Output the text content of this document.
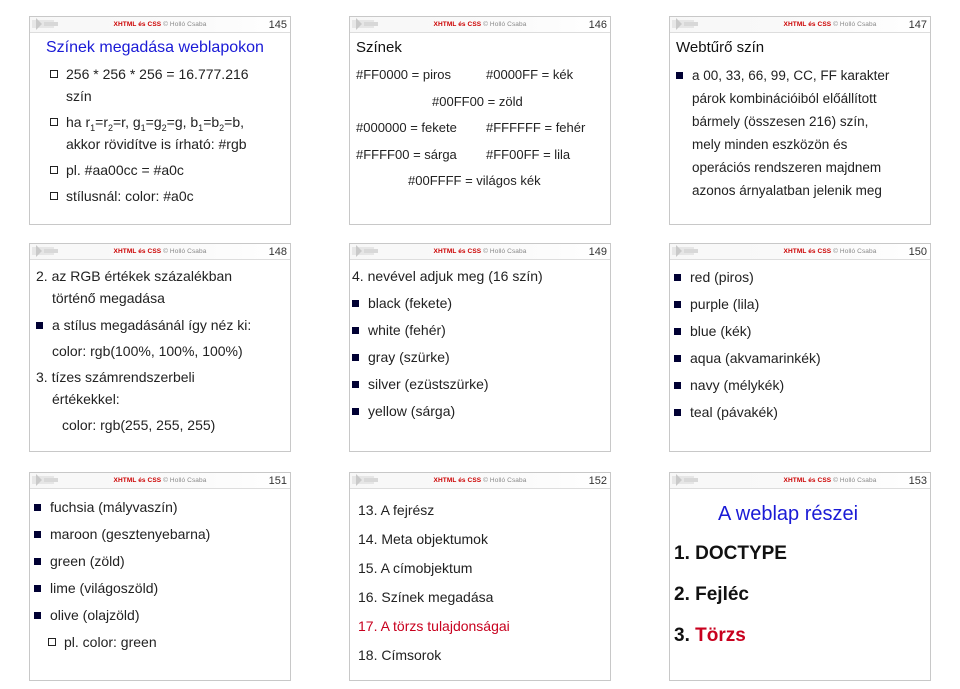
XHTML és CSS © Holló Csaba	145
Színek megadása weblapokon
256 * 256 * 256 = 16.777.216
szín
ha $r_1=r_2=r$, $g_1=g_2=g$, $b_1=b_2=b$,
akkor rövidítve is írható: #rgb
pl. #aa00cc = #a0c
stílusnál: color: #a0c
XHTML és CSS © Holló Csaba	146
Színek
#FF0000 = piros	#0000FF = kék
#00FF00 = zöld
#000000 = fekete #FFFFFF = fehér
#FFFF00 = sárga #FF00FF = lila
#00FFFF = világos kék
XHTML és CSS © Holló Csaba	147
Webtűrő szín
a 00, 33, 66, 99, CC, FF karakter
párok kombinációiból előállított
bármely (összesen 216) szín,
mely minden eszközön és
operációs rendszeren majdnem
azonos árnyalatban jelenik meg
XHTML és CSS © Holló Csaba	148
2. az RGB értékek százalékban
történő megadása
a stílus megadásánál így néz ki:
color: rgb(100%, 100%, 100%)
3. tízes számrendszerbeli
értékekkel:
color: rgb(255, 255, 255)
XHTML és CSS © Holló Csaba	149
4. nevével adjuk meg (16 szín)
black (fekete)
white (fehér)
gray (szürke)
silver (ezüstszürke)
yellow (sárga)
XHTML és CSS © Holló Csaba	150
red (piros)
purple (lila)
blue (kék)
aqua (akvamarinkék)
navy (mélykék)
teal (pávakék)
XHTML és CSS © Holló Csaba	151
fuchsia (mályvaszín)
maroon (gesztenyebarna)
green (zöld)
lime (világoszöld)
olive (olajzöld)
pl. color: green
XHTML és CSS © Holló Csaba	152
13. A fejrész
14. Meta objektumok
15. A címobjektum
16. Színek megadása
17. A törzs tulajdonságai
18. Címsorok
XHTML és CSS © Holló Csaba	153
A weblap részei
1. DOCTYPE
2. Fejléc
3. Törzs
